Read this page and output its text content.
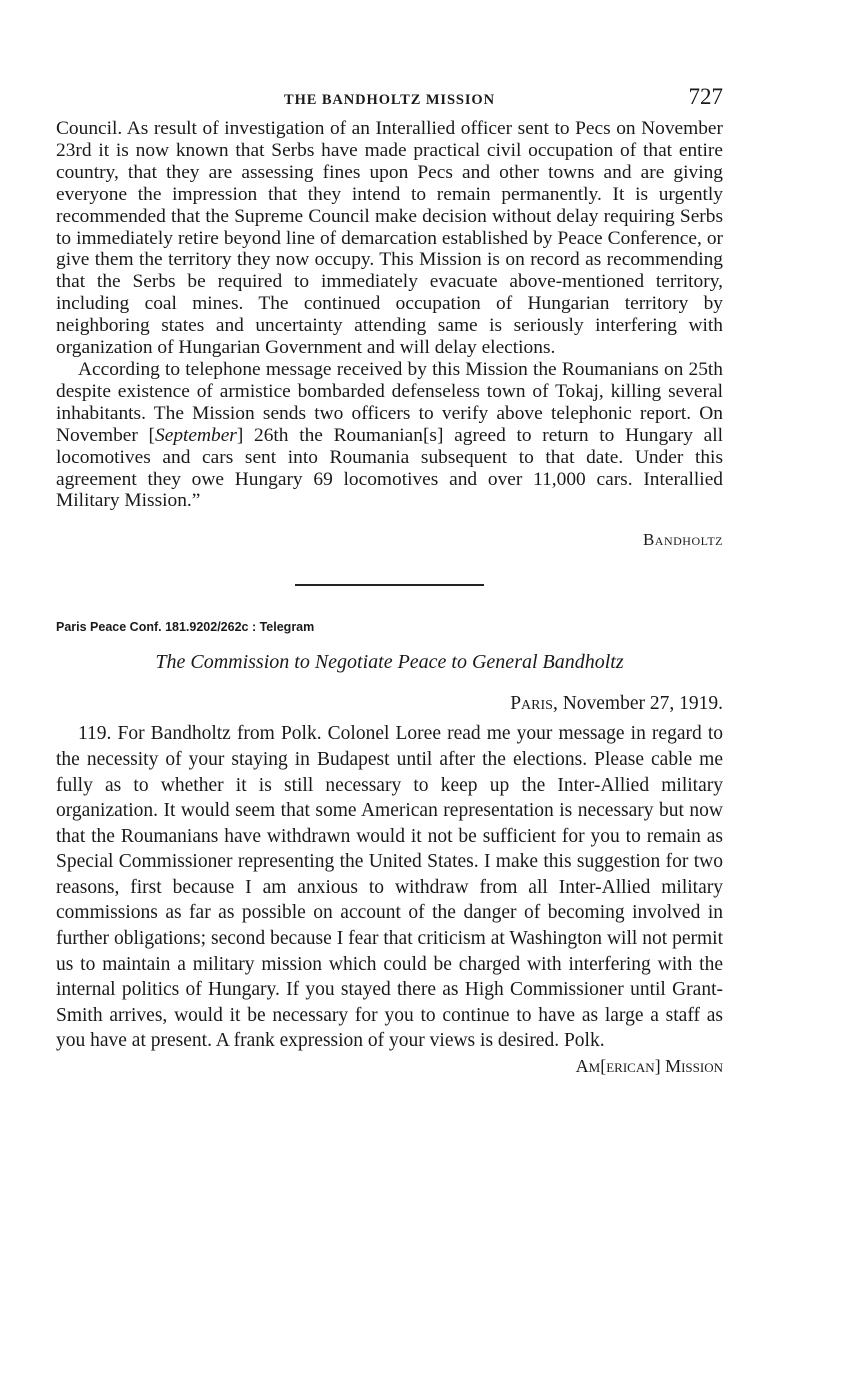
THE BANDHOLTZ MISSION	727

Council. As result of investigation of an Interallied officer sent to Pecs on November 23rd it is now known that Serbs have made practical civil occupation of that entire country, that they are assessing fines upon Pecs and other towns and are giving everyone the impression that they intend to remain permanently. It is urgently recommended that the Supreme Council make decision without delay requiring Serbs to immediately retire beyond line of demarcation established by Peace Conference, or give them the territory they now occupy. This Mission is on record as recommending that the Serbs be required to immediately evacuate above-mentioned territory, including coal mines. The continued occupation of Hungarian territory by neighboring states and uncertainty attending same is seriously interfering with organization of Hungarian Government and will delay elections.

According to telephone message received by this Mission the Roumanians on 25th despite existence of armistice bombarded defenseless town of Tokaj, killing several inhabitants. The Mission sends two officers to verify above telephonic report. On November [September] 26th the Roumanian[s] agreed to return to Hungary all locomotives and cars sent into Roumania subsequent to that date. Under this agreement they owe Hungary 69 locomotives and over 11,000 cars. Interallied Military Mission.”

Bandholtz
Paris Peace Conf. 181.9202/262c : Telegram
The Commission to Negotiate Peace to General Bandholtz
Paris, November 27, 1919.

119. For Bandholtz from Polk. Colonel Loree read me your message in regard to the necessity of your staying in Budapest until after the elections. Please cable me fully as to whether it is still necessary to keep up the Inter-Allied military organization. It would seem that some American representation is necessary but now that the Roumanians have withdrawn would it not be sufficient for you to remain as Special Commissioner representing the United States. I make this suggestion for two reasons, first because I am anxious to withdraw from all Inter-Allied military commissions as far as possible on account of the danger of becoming involved in further obligations; second because I fear that criticism at Washington will not permit us to maintain a military mission which could be charged with interfering with the internal politics of Hungary. If you stayed there as High Commissioner until Grant-Smith arrives, would it be necessary for you to continue to have as large a staff as you have at present. A frank expression of your views is desired. Polk.

Am[erican] Mission
